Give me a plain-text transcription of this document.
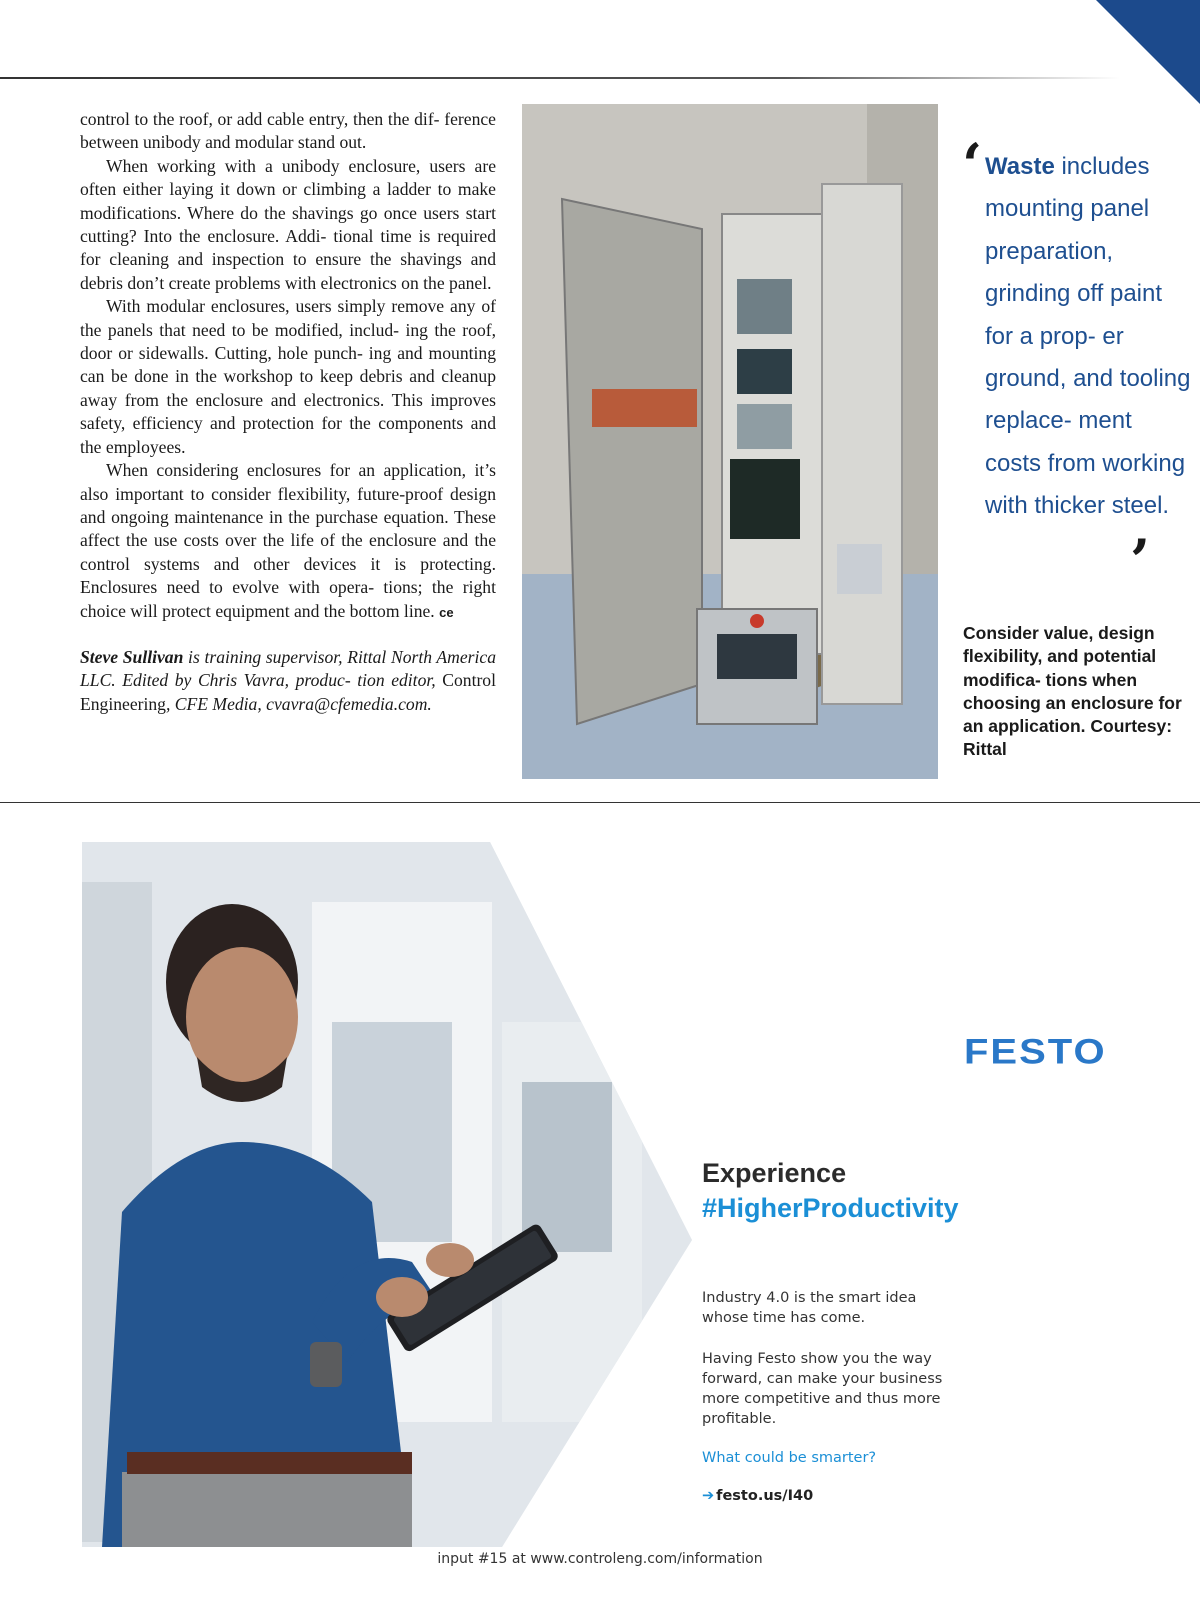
control to the roof, or add cable entry, then the dif- ference between unibody and modular stand out.

When working with a unibody enclosure, users are often either laying it down or climbing a ladder to make modifications. Where do the shavings go once users start cutting? Into the enclosure. Addi- tional time is required for cleaning and inspection to ensure the shavings and debris don’t create problems with electronics on the panel.

With modular enclosures, users simply remove any of the panels that need to be modified, includ- ing the roof, door or sidewalls. Cutting, hole punch- ing and mounting can be done in the workshop to keep debris and cleanup away from the enclosure and electronics. This improves safety, efficiency and protection for the components and the employees.

When considering enclosures for an application, it’s also important to consider flexibility, future-proof design and ongoing maintenance in the purchase equation. These affect the use costs over the life of the enclosure and the control systems and other devices it is protecting. Enclosures need to evolve with opera- tions; the right choice will protect equipment and the bottom line. ce

Steve Sullivan is training supervisor, Rittal North America LLC. Edited by Chris Vavra, produc- tion editor, Control Engineering, CFE Media, cvavra@cfemedia.com.

‘ Waste includes mounting panel preparation, grinding off paint for a prop- er ground, and tooling replace- ment costs from working with thicker steel.
’
Consider value, design flexibility, and potential modifica- tions when choosing an enclosure for an application. Courtesy: Rittal
FESTO
Experience
#HigherProductivity

Industry 4.0 is the smart idea whose time has come.

Having Festo show you the way forward, can make your business more competitive and thus more profitable.

What could be smarter?
➔ festo.us/I40
input #15 at www.controleng.com/information
